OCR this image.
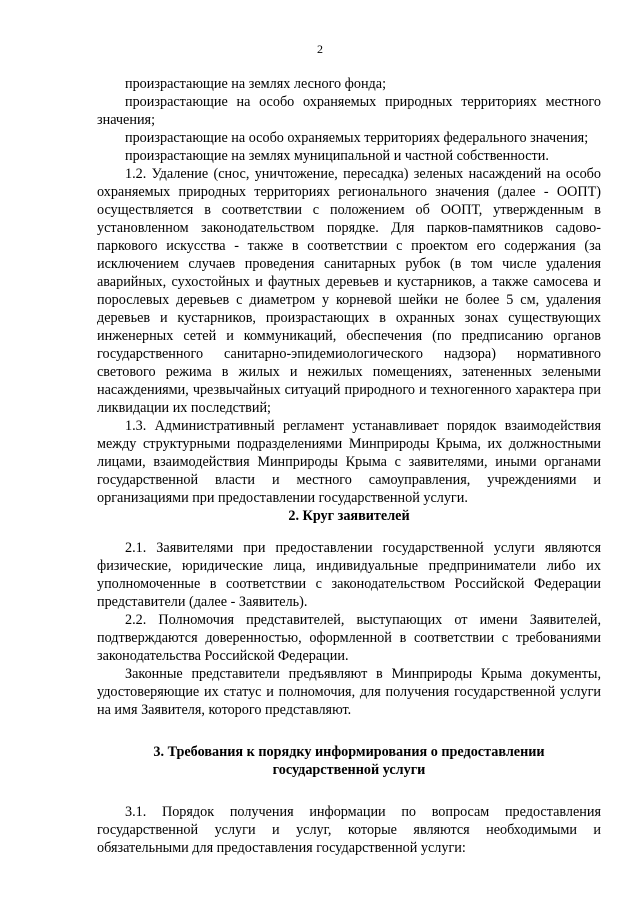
2

произрастающие на землях лесного фонда;

произрастающие на особо охраняемых природных территориях местного значения;

произрастающие на особо охраняемых территориях федерального значения;

произрастающие на землях муниципальной и частной собственности.

1.2. Удаление (снос, уничтожение, пересадка) зеленых насаждений на особо охраняемых природных территориях регионального значения (далее - ООПТ) осуществляется в соответствии с положением об ООПТ, утвержденным в установленном законодательством порядке. Для парков-памятников садово-паркового искусства - также в соответствии с проектом его содержания (за исключением случаев проведения санитарных рубок (в том числе удаления аварийных, сухостойных и фаутных деревьев и кустарников, а также самосева и порослевых деревьев с диаметром у корневой шейки не более 5 см, удаления деревьев и кустарников, произрастающих в охранных зонах существующих инженерных сетей и коммуникаций, обеспечения (по предписанию органов государственного санитарно-эпидемиологического надзора) нормативного светового режима в жилых и нежилых помещениях, затененных зелеными насаждениями, чрезвычайных ситуаций природного и техногенного характера при ликвидации их последствий;

1.3. Административный регламент устанавливает порядок взаимодействия между структурными подразделениями Минприроды Крыма, их должностными лицами, взаимодействия Минприроды Крыма с заявителями, иными органами государственной власти и местного самоуправления, учреждениями и организациями при предоставлении государственной услуги.

2. Круг заявителей

2.1. Заявителями при предоставлении государственной услуги являются физические, юридические лица, индивидуальные предприниматели либо их уполномоченные в соответствии с законодательством Российской Федерации представители (далее - Заявитель).

2.2. Полномочия представителей, выступающих от имени Заявителей, подтверждаются доверенностью, оформленной в соответствии с требованиями законодательства Российской Федерации.

Законные представители предъявляют в Минприроды Крыма документы, удостоверяющие их статус и полномочия, для получения государственной услуги на имя Заявителя, которого представляют.

3. Требования к порядку информирования о предоставлении

государственной услуги

3.1. Порядок получения информации по вопросам предоставления государственной услуги и услуг, которые являются необходимыми и обязательными для предоставления государственной услуги:
